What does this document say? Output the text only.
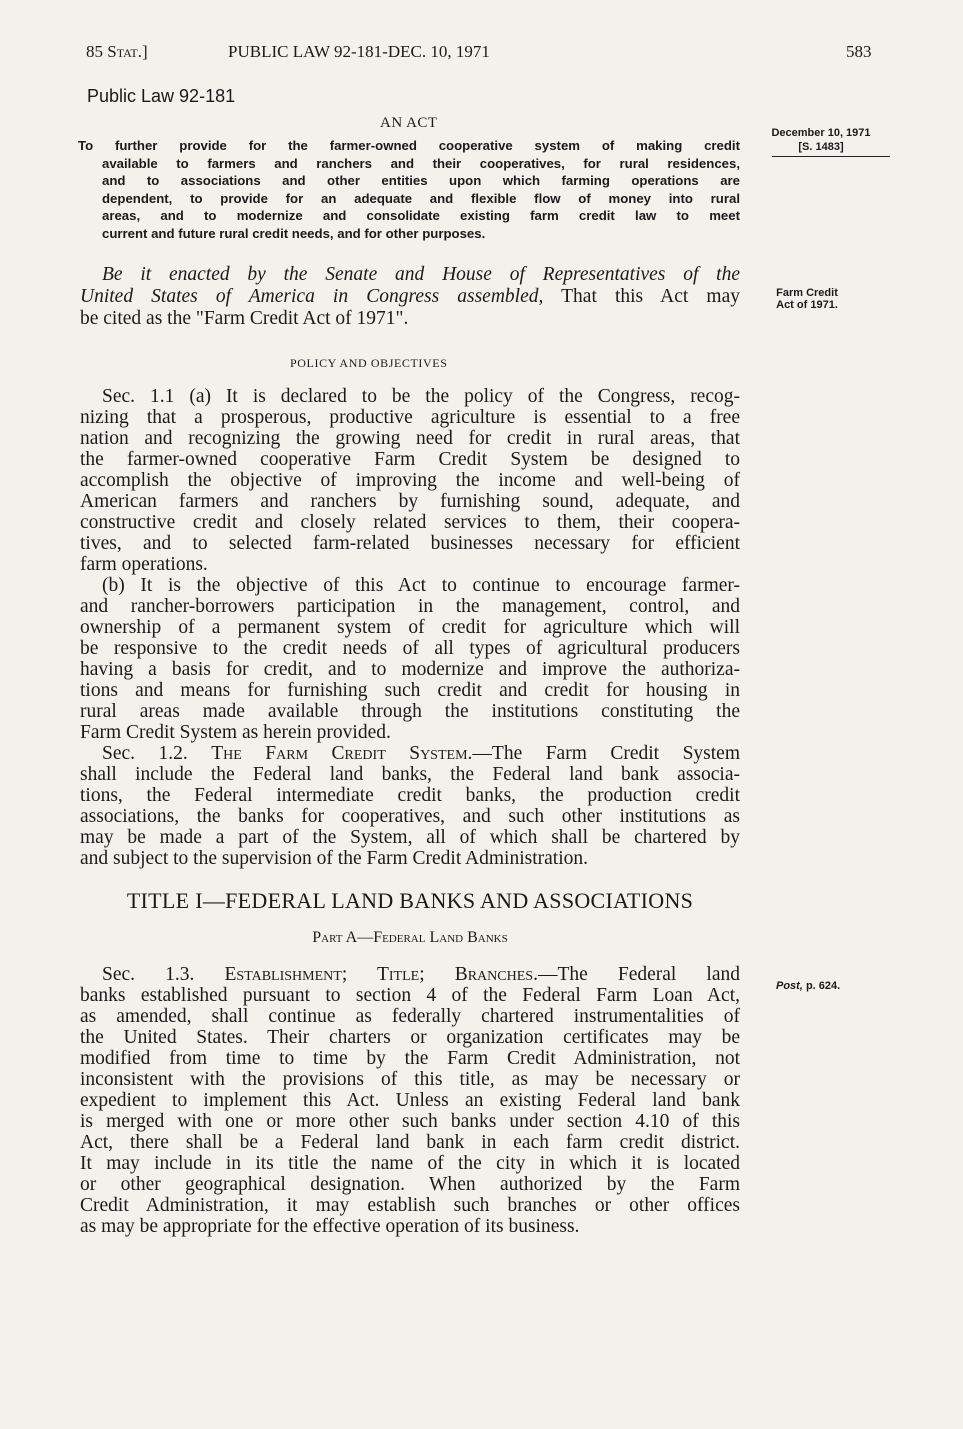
85 Stat.]	PUBLIC LAW 92-181-DEC. 10, 1971	583
Public Law 92-181
AN ACT
To further provide for the farmer-owned cooperative system of making credit
available to farmers and ranchers and their cooperatives, for rural residences,
and to associations and other entities upon which farming operations are
dependent, to provide for an adequate and flexible flow of money into rural
areas, and to modernize and consolidate existing farm credit law to meet
current and future rural credit needs, and for other purposes.
December 10, 1971
[S. 1483]
Be it enacted by the Senate and House of Representatives of the
United States of America in Congress assembled, That this Act may
be cited as the "Farm Credit Act of 1971".
Farm Credit
Act of 1971.
POLICY AND OBJECTIVES
Sec. 1.1 (a) It is declared to be the policy of the Congress, recog-
nizing that a prosperous, productive agriculture is essential to a free
nation and recognizing the growing need for credit in rural areas, that
the farmer-owned cooperative Farm Credit System be designed to
accomplish the objective of improving the income and well-being of
American farmers and ranchers by furnishing sound, adequate, and
constructive credit and closely related services to them, their coopera-
tives, and to selected farm-related businesses necessary for efficient
farm operations.
(b) It is the objective of this Act to continue to encourage farmer-
and rancher-borrowers participation in the management, control, and
ownership of a permanent system of credit for agriculture which will
be responsive to the credit needs of all types of agricultural producers
having a basis for credit, and to modernize and improve the authoriza-
tions and means for furnishing such credit and credit for housing in
rural areas made available through the institutions constituting the
Farm Credit System as herein provided.
Sec. 1.2. The Farm Credit System.—The Farm Credit System
shall include the Federal land banks, the Federal land bank associa-
tions, the Federal intermediate credit banks, the production credit
associations, the banks for cooperatives, and such other institutions as
may be made a part of the System, all of which shall be chartered by
and subject to the supervision of the Farm Credit Administration.
TITLE I—FEDERAL LAND BANKS AND ASSOCIATIONS
Part A—Federal Land Banks
Sec. 1.3. Establishment; Title; Branches.—The Federal land
banks established pursuant to section 4 of the Federal Farm Loan Act,
as amended, shall continue as federally chartered instrumentalities of
the United States. Their charters or organization certificates may be
modified from time to time by the Farm Credit Administration, not
inconsistent with the provisions of this title, as may be necessary or
expedient to implement this Act. Unless an existing Federal land bank
is merged with one or more other such banks under section 4.10 of this
Act, there shall be a Federal land bank in each farm credit district.
It may include in its title the name of the city in which it is located
or other geographical designation. When authorized by the Farm
Credit Administration, it may establish such branches or other offices
as may be appropriate for the effective operation of its business.
Post, p. 624.
